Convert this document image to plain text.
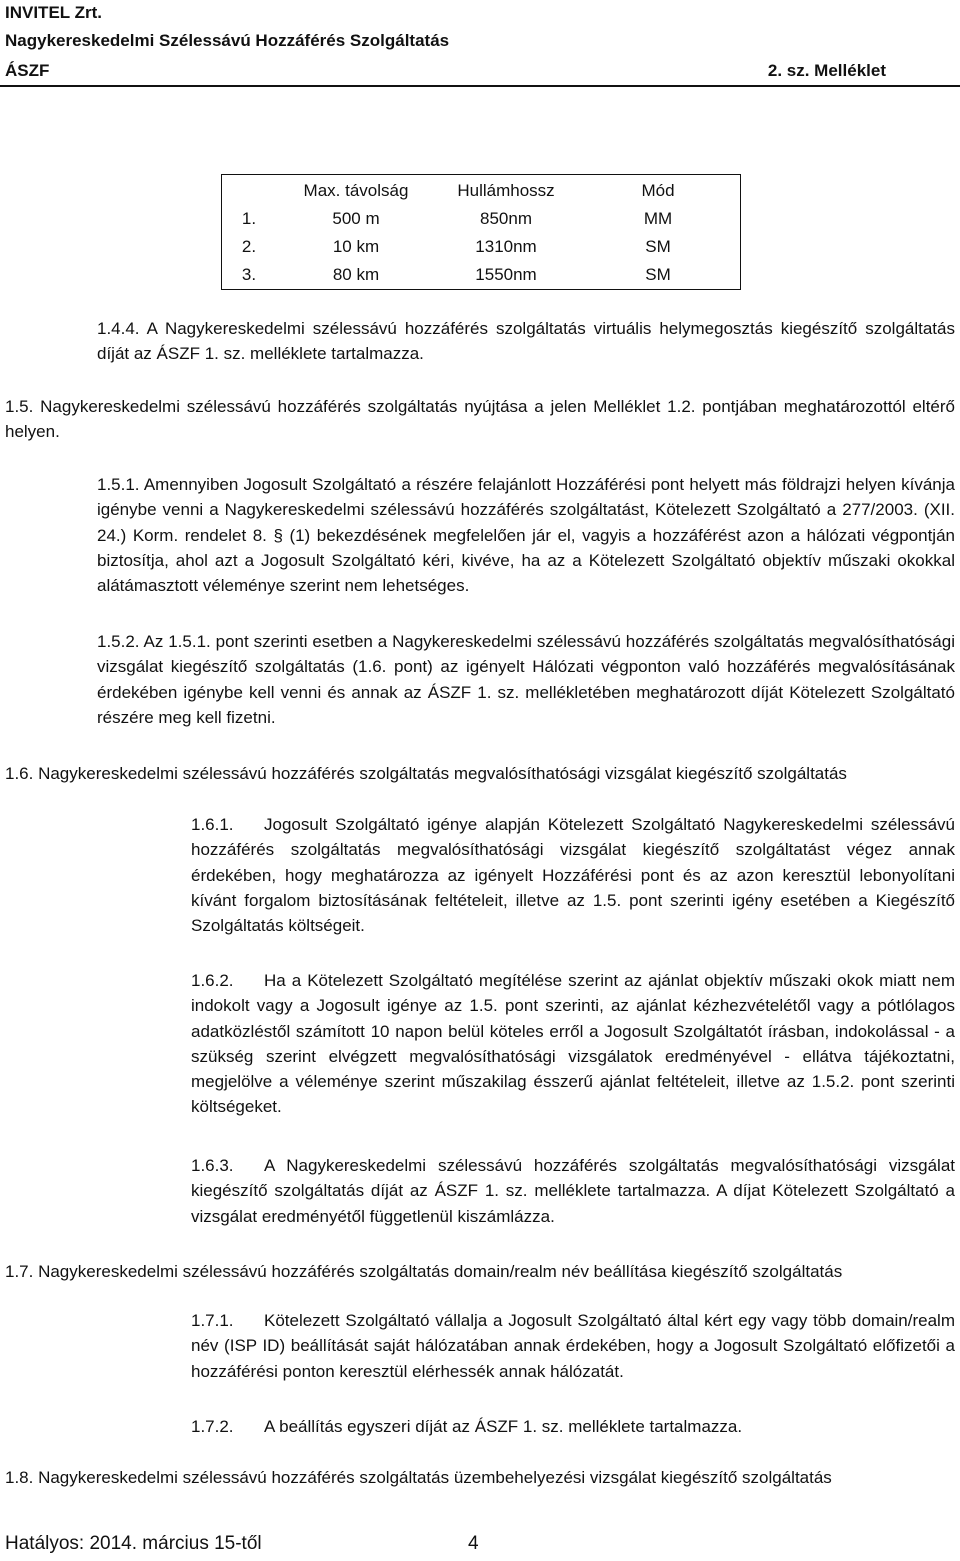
INVITEL Zrt.
Nagykereskedelmi Szélessávú Hozzáférés Szolgáltatás
ÁSZF	2. sz. Melléklet
	Max. távolság	Hullámhossz	Mód
1.	500 m	850nm	MM
2.	10 km	1310nm	SM
3.	80 km	1550nm	SM

1.4.4. A Nagykereskedelmi szélessávú hozzáférés szolgáltatás virtuális helymegosztás kiegészítő szolgáltatás díját az ÁSZF 1. sz. melléklete tartalmazza.

1.5. Nagykereskedelmi szélessávú hozzáférés szolgáltatás nyújtása a jelen Melléklet 1.2. pontjában meghatározottól eltérő helyen.

1.5.1. Amennyiben Jogosult Szolgáltató a részére felajánlott Hozzáférési pont helyett más földrajzi helyen kívánja igénybe venni a Nagykereskedelmi szélessávú hozzáférés szolgáltatást, Kötelezett Szolgáltató a 277/2003. (XII. 24.) Korm. rendelet 8. § (1) bekezdésének megfelelően jár el, vagyis a hozzáférést azon a hálózati végpontján biztosítja, ahol azt a Jogosult Szolgáltató kéri, kivéve, ha az a Kötelezett Szolgáltató objektív műszaki okokkal alátámasztott véleménye szerint nem lehetséges.

1.5.2. Az 1.5.1. pont szerinti esetben a Nagykereskedelmi szélessávú hozzáférés szolgáltatás megvalósíthatósági vizsgálat kiegészítő szolgáltatás (1.6. pont) az igényelt Hálózati végponton való hozzáférés megvalósításának érdekében igénybe kell venni és annak az ÁSZF 1. sz. mellékletében meghatározott díját Kötelezett Szolgáltató részére meg kell fizetni.

1.6. Nagykereskedelmi szélessávú hozzáférés szolgáltatás megvalósíthatósági vizsgálat kiegészítő szolgáltatás

1.6.1. Jogosult Szolgáltató igénye alapján Kötelezett Szolgáltató Nagykereskedelmi szélessávú hozzáférés szolgáltatás megvalósíthatósági vizsgálat kiegészítő szolgáltatást végez annak érdekében, hogy meghatározza az igényelt Hozzáférési pont és az azon keresztül lebonyolítani kívánt forgalom biztosításának feltételeit, illetve az 1.5. pont szerinti igény esetében a Kiegészítő Szolgáltatás költségeit.

1.6.2. Ha a Kötelezett Szolgáltató megítélése szerint az ajánlat objektív műszaki okok miatt nem indokolt vagy a Jogosult igénye az 1.5. pont szerinti, az ajánlat kézhezvételétől vagy a pótlólagos adatközléstől számított 10 napon belül köteles erről a Jogosult Szolgáltatót írásban, indokolással - a szükség szerint elvégzett megvalósíthatósági vizsgálatok eredményével - ellátva tájékoztatni, megjelölve a véleménye szerint műszakilag ésszerű ajánlat feltételeit, illetve az 1.5.2. pont szerinti költségeket.

1.6.3. A Nagykereskedelmi szélessávú hozzáférés szolgáltatás megvalósíthatósági vizsgálat kiegészítő szolgáltatás díját az ÁSZF 1. sz. melléklete tartalmazza. A díjat Kötelezett Szolgáltató a vizsgálat eredményétől függetlenül kiszámlázza.

1.7. Nagykereskedelmi szélessávú hozzáférés szolgáltatás domain/realm név beállítása kiegészítő szolgáltatás

1.7.1. Kötelezett Szolgáltató vállalja a Jogosult Szolgáltató által kért egy vagy több domain/realm név (ISP ID) beállítását saját hálózatában annak érdekében, hogy a Jogosult Szolgáltató előfizetői a hozzáférési ponton keresztül elérhessék annak hálózatát.

1.7.2. A beállítás egyszeri díját az ÁSZF 1. sz. melléklete tartalmazza.

1.8. Nagykereskedelmi szélessávú hozzáférés szolgáltatás üzembehelyezési vizsgálat kiegészítő szolgáltatás

Hatályos: 2014. március 15-től	4
